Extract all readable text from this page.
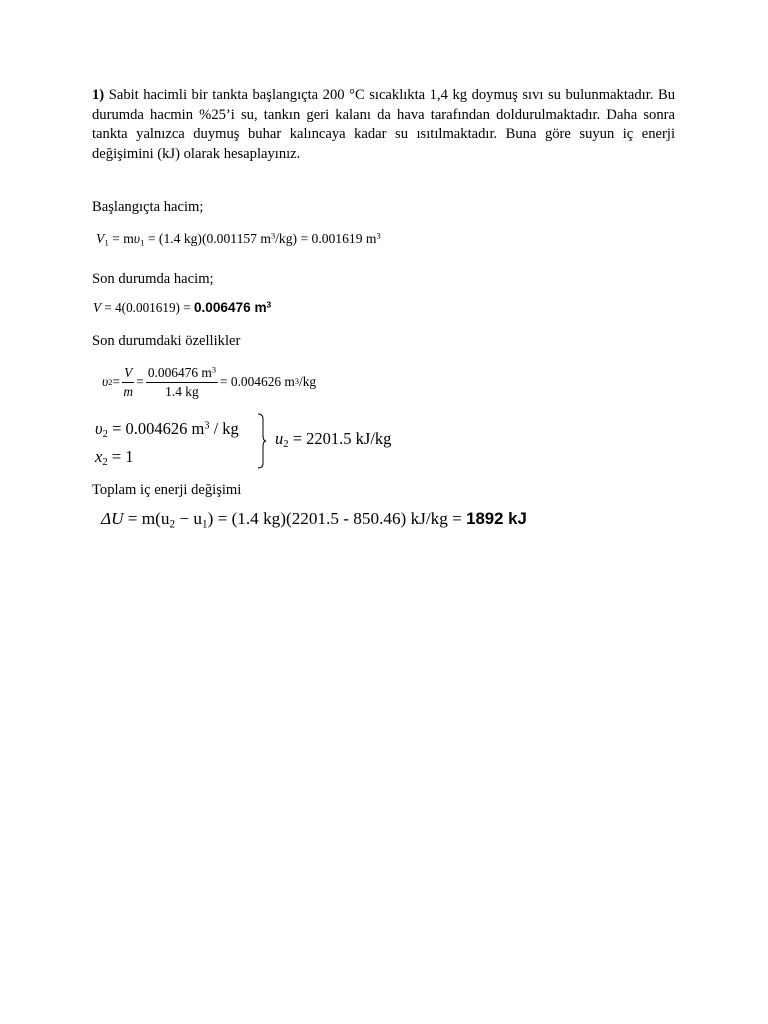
1) Sabit hacimli bir tankta başlangıçta 200 °C sıcaklıkta 1,4 kg doymuş sıvı su bulunmaktadır. Bu durumda hacmin %25’i su, tankın geri kalanı da hava tarafından doldurulmaktadır. Daha sonra tankta yalnızca duymuş buhar kalıncaya kadar su ısıtılmaktadır. Buna göre suyun iç enerji değişimini (kJ) olarak hesaplayınız.
Başlangıçta hacim;
$V_1 = m\upsilon_1 = (1.4$ kg)(0.001157 $m^3/kg) = 0.001619$ $m^3$
Son durumda hacim;
V = 4(0.001619) = 0.006476 $m^3$
Son durumdaki özellikler
υ $2 = \frac{V}{m} = \frac{0.006476 m^3}{1.4 kg} = 0.004626$ m 3 /kg
$\upsilon_2 = 0.004626$ $m^3$ / kg
$x_2 = 1$
$u_2 = 2201.5$ kJ/kg
Toplam iç enerji değişimi
$\Delta U = m(u_2 - u_1) = (1.4$ kg)(2201.5 - 850.46) kJ/kg = 1892 kJ
